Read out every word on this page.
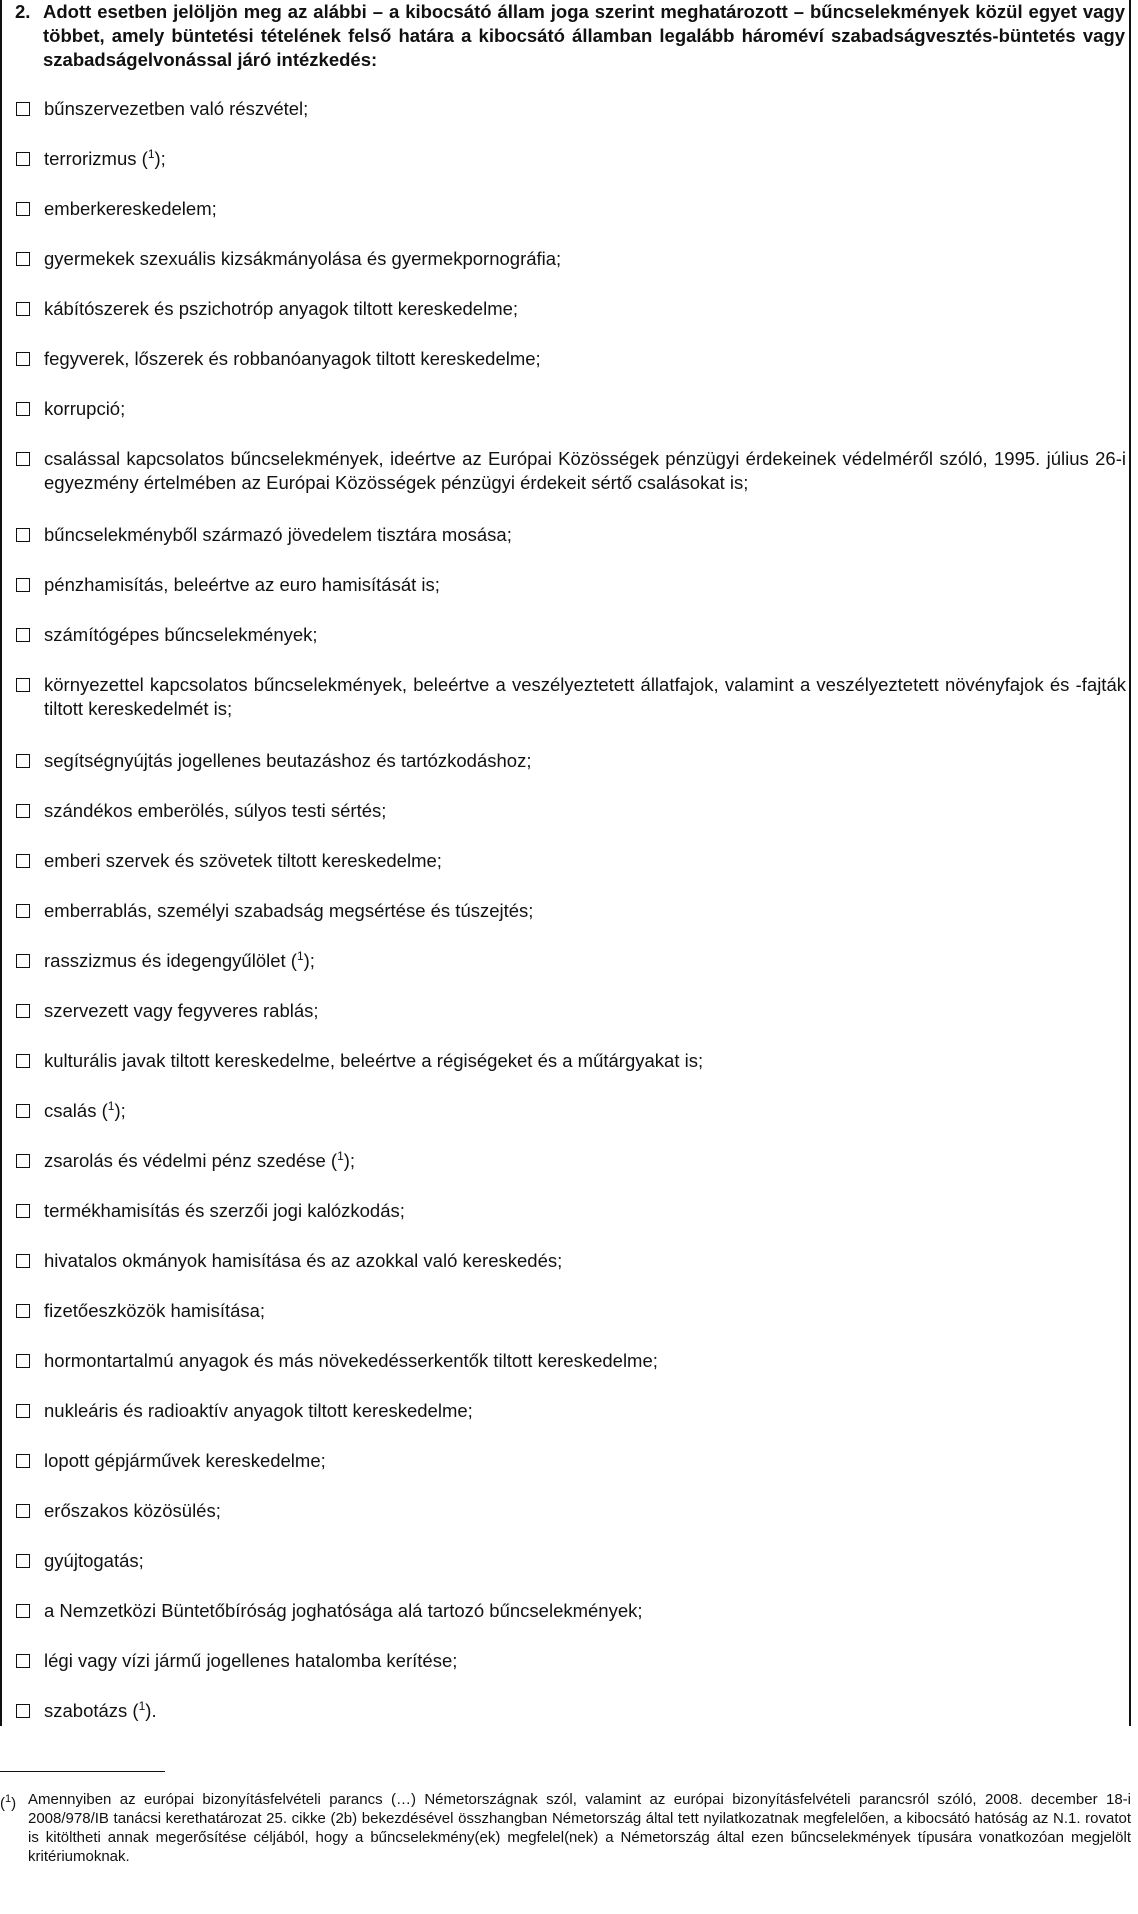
2. Adott esetben jelöljön meg az alábbi – a kibocsátó állam joga szerint meghatározott – bűncselekmények közül egyet vagy többet, amely büntetési tételének felső határa a kibocsátó államban legalább hároméví szabadságvesztés-büntetés vagy szabadságelvonással járó intézkedés:
bűnszervezetben való részvétel;
terrorizmus ($^1$);
emberkereskedelem;
gyermekek szexuális kizsákmányolása és gyermekpornográfia;
kábítószerek és pszichotróp anyagok tiltott kereskedelme;
fegyverek, lőszerek és robbanóanyagok tiltott kereskedelme;
korrupció;
csalással kapcsolatos bűncselekmények, ideértve az Európai Közösségek pénzügyi érdekeinek védelméről szóló, 1995. július 26-i egyezmény értelmében az Európai Közösségek pénzügyi érdekeit sértő csalásokat is;
bűncselekményből származó jövedelem tisztára mosása;
pénzhamisítás, beleértve az euro hamisítását is;
számítógépes bűncselekmények;
környezettel kapcsolatos bűncselekmények, beleértve a veszélyeztetett állatfajok, valamint a veszélyeztetett növényfajok és -fajták tiltott kereskedelmét is;
segítségnyújtás jogellenes beutazáshoz és tartózkodáshoz;
szándékos emberölés, súlyos testi sértés;
emberi szervek és szövetek tiltott kereskedelme;
emberrablás, személyi szabadság megsértése és túszejtés;
rasszizmus és idegengyűlölet ($^1$);
szervezett vagy fegyveres rablás;
kulturális javak tiltott kereskedelme, beleértve a régiségeket és a műtárgyakat is;
csalás ($^1$);
zsarolás és védelmi pénz szedése ($^1$);
termékhamisítás és szerzői jogi kalózkodás;
hivatalos okmányok hamisítása és az azokkal való kereskedés;
fizetőeszközök hamisítása;
hormontartalmú anyagok és más növekedésserkentők tiltott kereskedelme;
nukleáris és radioaktív anyagok tiltott kereskedelme;
lopott gépjárművek kereskedelme;
erőszakos közösülés;
gyújtogatás;
a Nemzetközi Büntetőbíróság joghatósága alá tartozó bűncselekmények;
légi vagy vízi jármű jogellenes hatalomba kerítése;
szabotázs ($^1$).
($^1$) Amennyiben az európai bizonyításfelvételi parancs (…) Németországnak szól, valamint az európai bizonyításfelvételi parancsról szóló, 2008. december 18-i 2008/978/IB tanácsi kerethatározat 25. cikke (2b) bekezdésével összhangban Németország által tett nyilatkozatnak megfelelően, a kibocsátó hatóság az N.1. rovatot is kitöltheti annak megerősítése céljából, hogy a bűncselekmény(ek) megfelel(nek) a Németország által ezen bűncselekmények típusára vonatkozóan megjelölt kritériumoknak.
